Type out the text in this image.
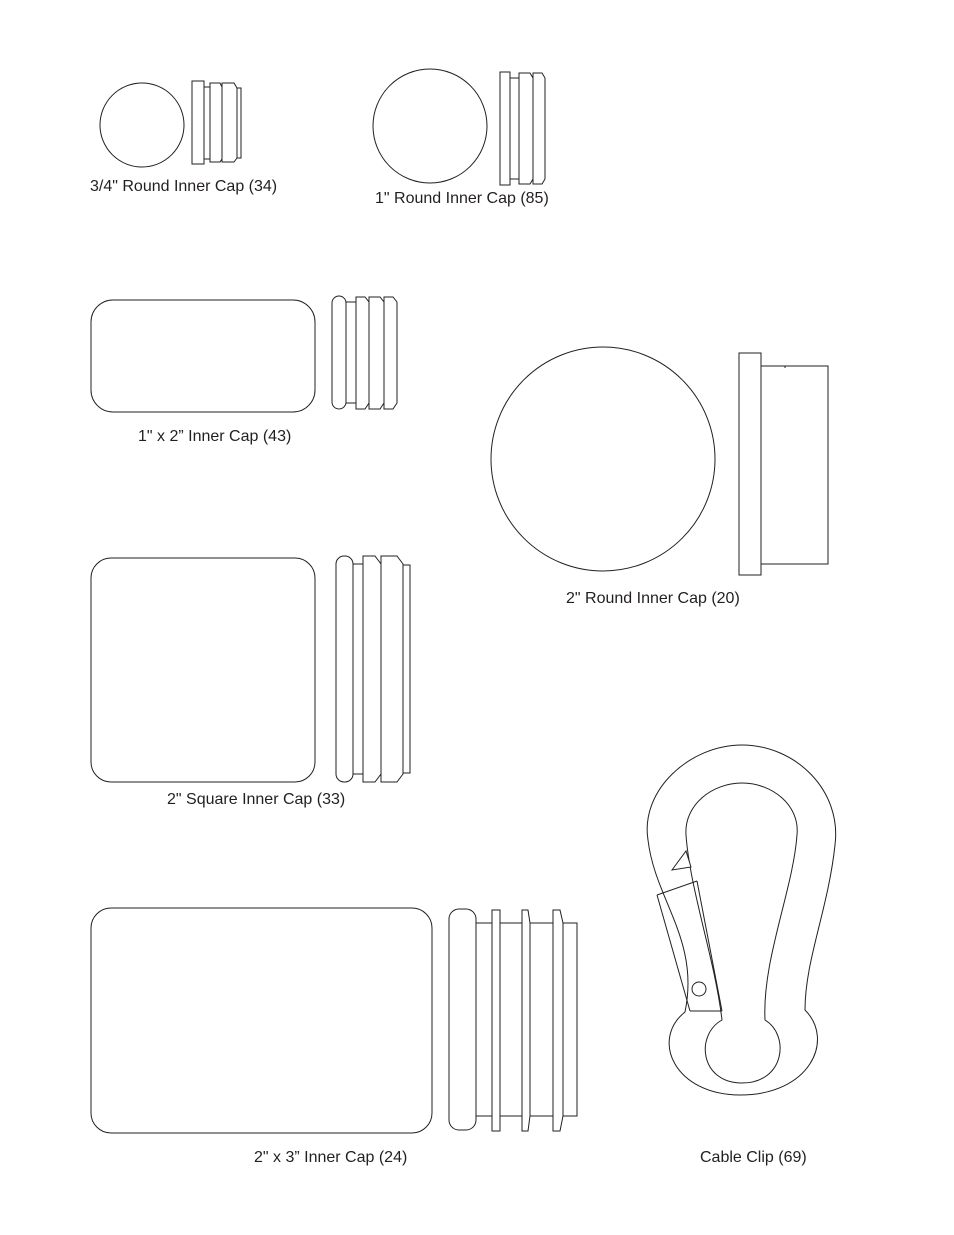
3/4" Round Inner Cap (34)
1" Round Inner Cap (85)
1" x 2” Inner Cap (43)
2" Round Inner Cap (20)
2" Square Inner Cap (33)
2" x 3” Inner Cap (24)	Cable Clip (69)
